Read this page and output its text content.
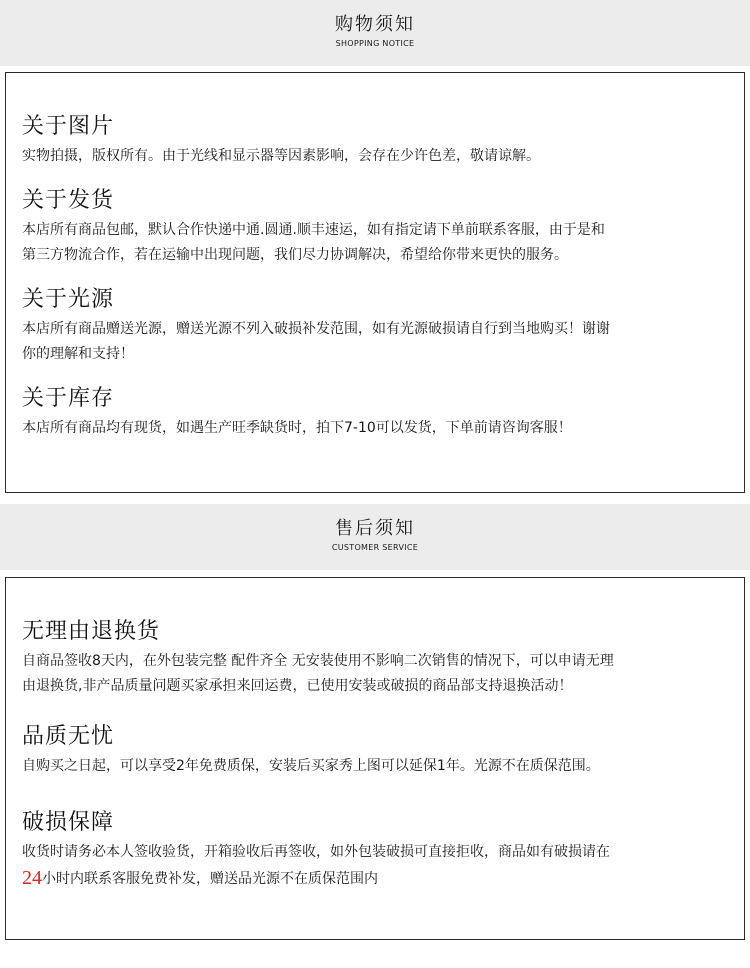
购物须知
SHOPPING NOTICE
关于图片

实物拍摄，版权所有。由于光线和显示器等因素影响，会存在少许色差，敬请谅解。

关于发货

本店所有商品包邮，默认合作快递中通.圆通.顺丰速运，如有指定请下单前联系客服，由于是和
第三方物流合作，若在运输中出现问题，我们尽力协调解决，希望给你带来更快的服务。

关于光源

本店所有商品赠送光源，赠送光源不列入破损补发范围，如有光源破损请自行到当地购买！谢谢
你的理解和支持！

关于库存

本店所有商品均有现货，如遇生产旺季缺货时，拍下7-10可以发货，下单前请咨询客服！

售后须知
CUSTOMER SERVICE
无理由退换货

自商品签收8天内，在外包装完整 配件齐全 无安装使用不影响二次销售的情况下，可以申请无理
由退换货,非产品质量问题买家承担来回运费，已使用安装或破损的商品部支持退换活动！

品质无忧

自购买之日起，可以享受2年免费质保，安装后买家秀上图可以延保1年。光源不在质保范围。

破损保障

收货时请务必本人签收验货，开箱验收后再签收，如外包装破损可直接拒收，商品如有破损请在
24小时内联系客服免费补发，赠送品光源不在质保范围内
